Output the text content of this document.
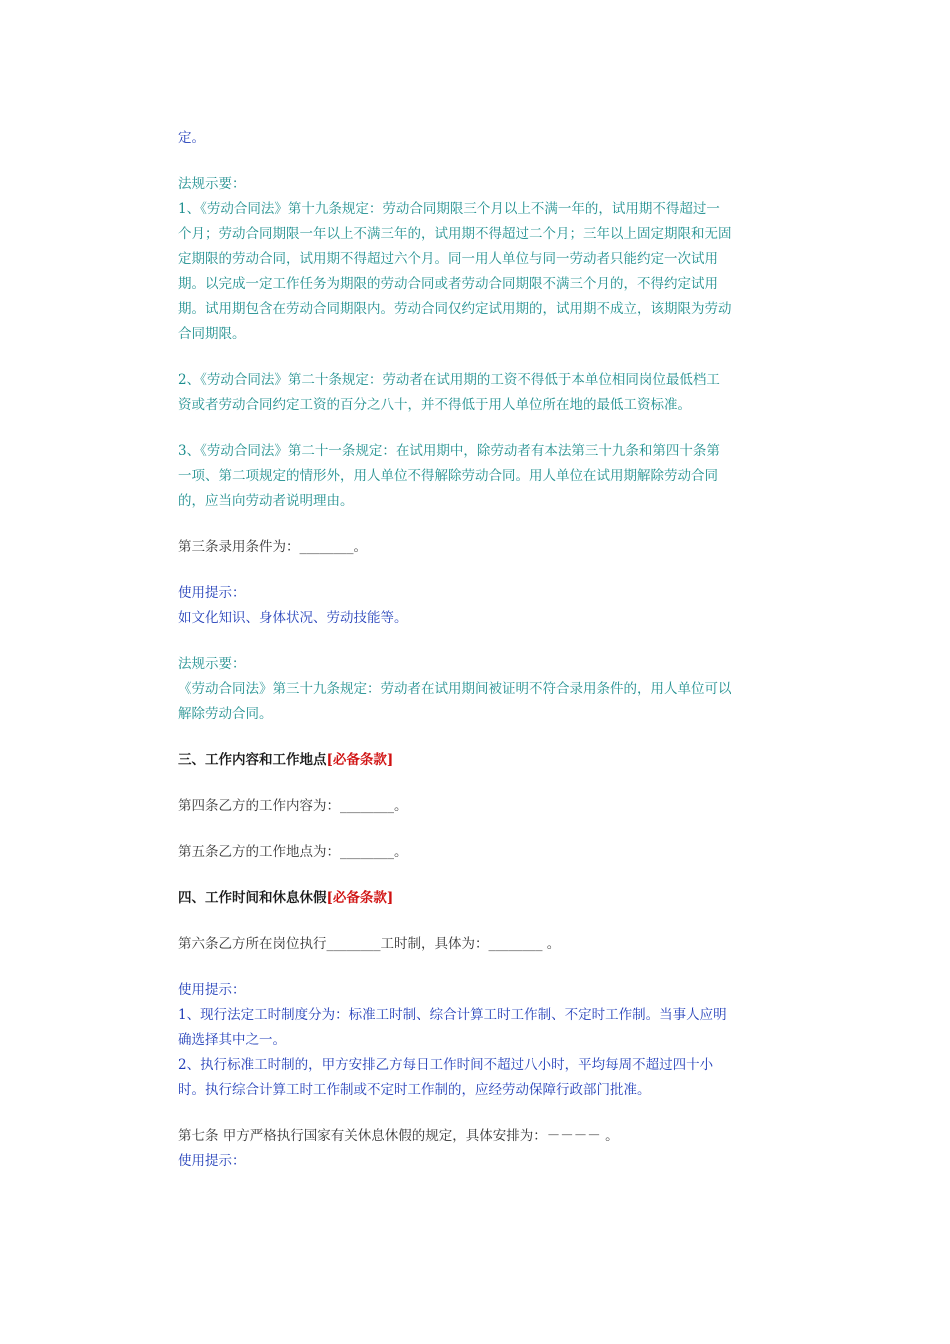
定。
法规示要：
1、《劳动合同法》第十九条规定：劳动合同期限三个月以上不满一年的，试用期不得超过一
个月；劳动合同期限一年以上不满三年的，试用期不得超过二个月；三年以上固定期限和无固
定期限的劳动合同，试用期不得超过六个月。同一用人单位与同一劳动者只能约定一次试用
期。以完成一定工作任务为期限的劳动合同或者劳动合同期限不满三个月的，不得约定试用
期。试用期包含在劳动合同期限内。劳动合同仅约定试用期的，试用期不成立，该期限为劳动
合同期限。
2、《劳动合同法》第二十条规定：劳动者在试用期的工资不得低于本单位相同岗位最低档工
资或者劳动合同约定工资的百分之八十，并不得低于用人单位所在地的最低工资标准。
3、《劳动合同法》第二十一条规定：在试用期中，除劳动者有本法第三十九条和第四十条第
一项、第二项规定的情形外，用人单位不得解除劳动合同。用人单位在试用期解除劳动合同
的，应当向劳动者说明理由。
第三条录用条件为：________。
使用提示：
如文化知识、身体状况、劳动技能等。
法规示要：
《劳动合同法》第三十九条规定：劳动者在试用期间被证明不符合录用条件的，用人单位可以
解除劳动合同。
三、工作内容和工作地点[必备条款]
第四条乙方的工作内容为：________。
第五条乙方的工作地点为：________。
四、工作时间和休息休假[必备条款]
第六条乙方所在岗位执行________工时制，具体为：________ 。
使用提示：
1、现行法定工时制度分为：标准工时制、综合计算工时工作制、不定时工作制。当事人应明
确选择其中之一。
2、执行标准工时制的，甲方安排乙方每日工作时间不超过八小时，平均每周不超过四十小
时。执行综合计算工时工作制或不定时工作制的，应经劳动保障行政部门批准。
第七条 甲方严格执行国家有关休息休假的规定，具体安排为：－－－－ 。
使用提示：
